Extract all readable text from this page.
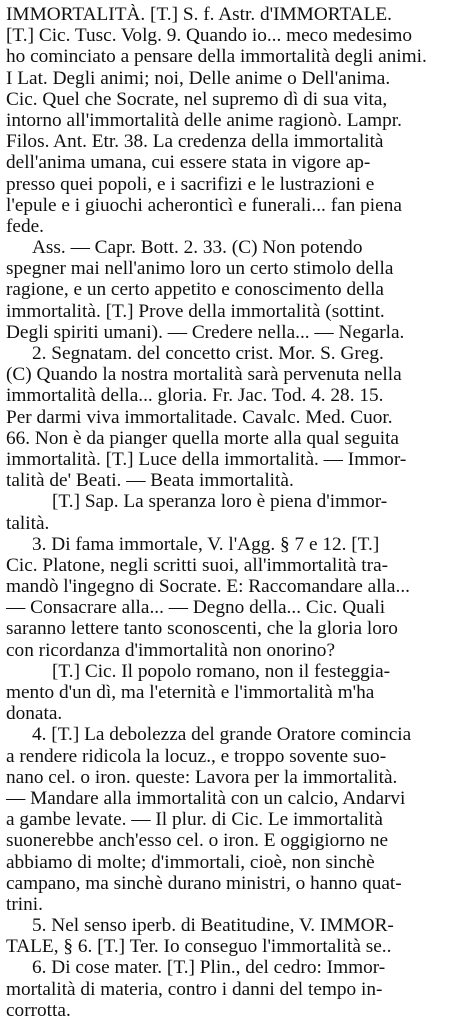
IMMORTALITÀ. [T.] S. f. Astr. d'IMMORTALE.
[T.] Cic. Tusc. Volg. 9. Quando io... meco medesimo
ho cominciato a pensare della immortalità degli animi.
I Lat. Degli animi; noi, Delle anime o Dell'anima.
Cic. Quel che Socrate, nel supremo dì di sua vita,
intorno all'immortalità delle anime ragionò. Lampr.
Filos. Ant. Etr. 38. La credenza della immortalità
dell'anima umana, cui essere stata in vigore ap-
presso quei popoli, e i sacrifizi e le lustrazioni e
l'epule e i giuochi acheronticì e funerali... fan piena
fede.
Ass. — Capr. Bott. 2. 33. (C) Non potendo
spegner mai nell'animo loro un certo stimolo della
ragione, e un certo appetito e conoscimento della
immortalità. [T.] Prove della immortalità (sottint.
Degli spiriti umani). — Credere nella... — Negarla.
2. Segnatam. del concetto crist. Mor. S. Greg.
(C) Quando la nostra mortalità sarà pervenuta nella
immortalità della... gloria. Fr. Jac. Tod. 4. 28. 15.
Per darmi viva immortalitade. Cavalc. Med. Cuor.
66. Non è da pianger quella morte alla qual seguita
immortalità. [T.] Luce della immortalità. — Immor-
talità de' Beati. — Beata immortalità.
[T.] Sap. La speranza loro è piena d'immor-
talità.
3. Di fama immortale, V. l'Agg. § 7 e 12. [T.]
Cic. Platone, negli scritti suoi, all'immortalità tra-
mandò l'ingegno di Socrate. E: Raccomandare alla...
— Consacrare alla... — Degno della... Cic. Quali
saranno lettere tanto sconoscenti, che la gloria loro
con ricordanza d'immortalità non onorino?
[T.] Cic. Il popolo romano, non il festeggia-
mento d'un dì, ma l'eternità e l'immortalità m'ha
donata.
4. [T.] La debolezza del grande Oratore comincia
a rendere ridicola la locuz., e troppo sovente suo-
nano cel. o iron. queste: Lavora per la immortalità.
— Mandare alla immortalità con un calcio, Andarvi
a gambe levate. — Il plur. di Cic. Le immortalità
suonerebbe anch'esso cel. o iron. E oggigiorno ne
abbiamo di molte; d'immortali, cioè, non sinchè
campano, ma sinchè durano ministri, o hanno quat-
trini.
5. Nel senso iperb. di Beatitudine, V. IMMOR-
TALE, § 6. [T.] Ter. Io conseguo l'immortalità se..
6. Di cose mater. [T.] Plin., del cedro: Immor-
mortalità di materia, contro i danni del tempo in-
corrotta.
